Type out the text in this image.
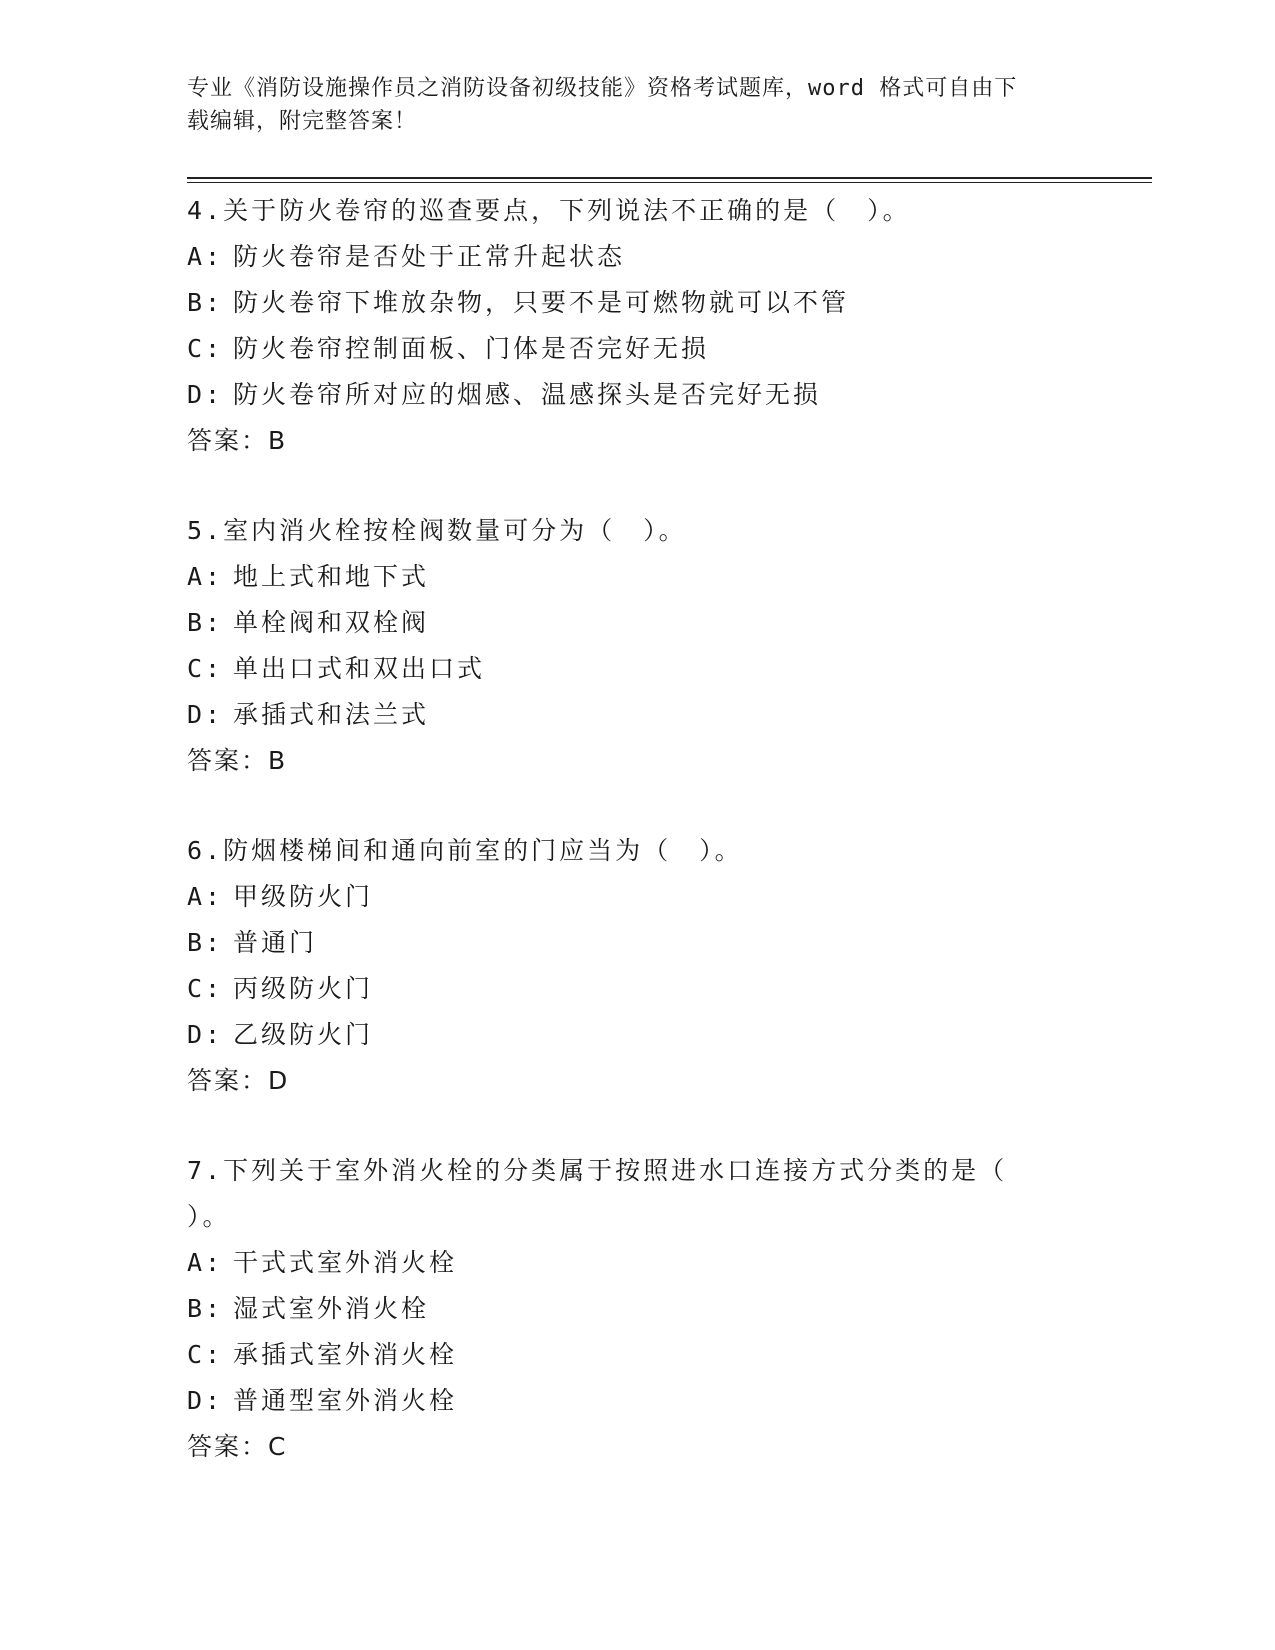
专业《消防设施操作员之消防设备初级技能》资格考试题库，word 格式可自由下
载编辑，附完整答案！

4.关于防火卷帘的巡查要点，下列说法不正确的是（　）。

A: 防火卷帘是否处于正常升起状态

B: 防火卷帘下堆放杂物，只要不是可燃物就可以不管

C: 防火卷帘控制面板、门体是否完好无损

D: 防火卷帘所对应的烟感、温感探头是否完好无损

答案：B

5.室内消火栓按栓阀数量可分为（　）。

A: 地上式和地下式

B: 单栓阀和双栓阀

C: 单出口式和双出口式

D: 承插式和法兰式

答案：B

6.防烟楼梯间和通向前室的门应当为（　）。

A: 甲级防火门

B: 普通门

C: 丙级防火门

D: 乙级防火门

答案：D

7.下列关于室外消火栓的分类属于按照进水口连接方式分类的是（

）。

A: 干式式室外消火栓

B: 湿式室外消火栓

C: 承插式室外消火栓

D: 普通型室外消火栓

答案：C
